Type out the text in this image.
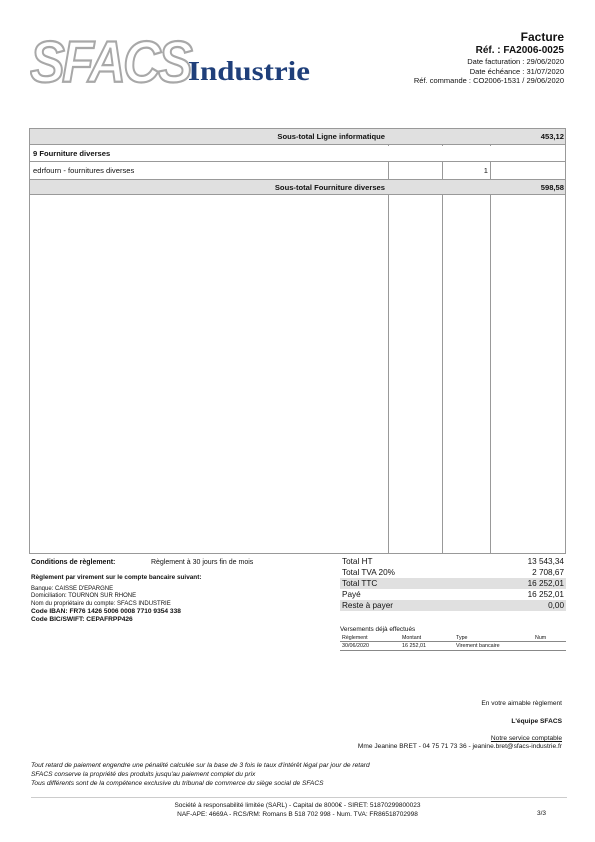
SFACS
Industrie
Facture
Réf. : FA2006-0025
Date facturation : 29/06/2020
Date échéance : 31/07/2020
Réf. commande : CO2006-1531 / 29/06/2020
Sous-total Ligne informatique	453,12
9 Fourniture diverses
edrfourn - fournitures diverses	1
Sous-total Fourniture diverses	598,58
Conditions de règlement:	Règlement à 30 jours fin de mois
Règlement par virement sur le compte bancaire suivant:
Banque: CAISSE D'EPARGNE
Domiciliation: TOURNON SUR RHONE
Nom du propriétaire du compte: SFACS INDUSTRIE
Code IBAN: FR76 1426 5006 0008 7710 9354 338
Code BIC/SWIFT: CEPAFRPP426
Total HT	13 543,34
Total TVA 20%	2 708,67
Total TTC	16 252,01
Payé	16 252,01
Reste à payer	0,00
Versements déjà effectués
Règlement	Montant	Type	Num
30/06/2020	16 252,01	Virement bancaire
En votre aimable règlement
L'équipe SFACS
Notre service comptable
Mme Jeanine BRET - 04 75 71 73 36 - jeanine.bret@sfacs-industrie.fr
Tout retard de paiement engendre une pénalité calculée sur la base de 3 fois le taux d'intérêt légal par jour de retard
SFACS conserve la propriété des produits jusqu'au paiement complet du prix
Tous différents sont de la compétence exclusive du tribunal de commerce du siège social de SFACS
Société à responsabilité limitée (SARL) - Capital de 8000€ - SIRET: 51870299800023
NAF-APE: 4669A - RCS/RM: Romans B 518 702 998 - Num. TVA: FR86518702998	3/3
